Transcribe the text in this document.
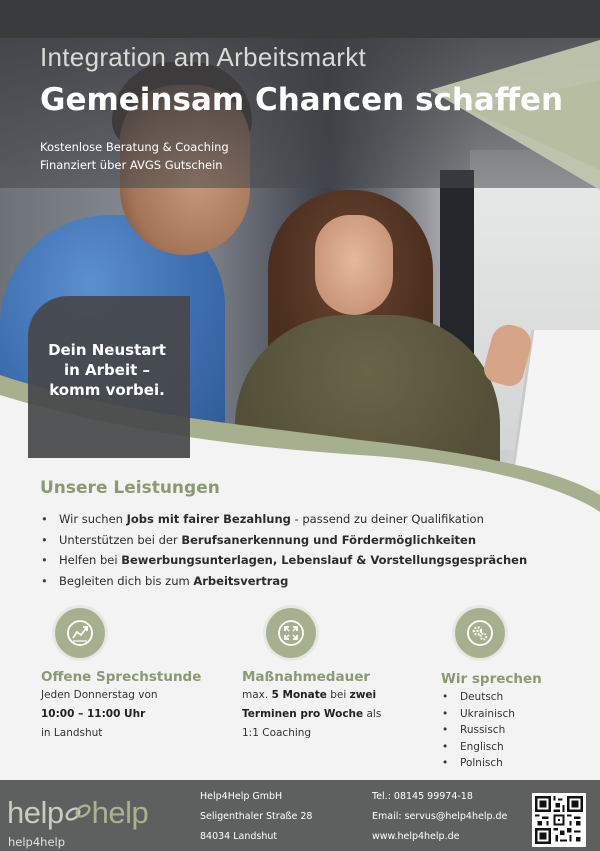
Integration am Arbeitsmarkt
Gemeinsam Chancen schaffen
Kostenlose Beratung & Coaching
Finanziert über AVGS Gutschein
Dein Neustart
in Arbeit –
komm vorbei.
Unsere Leistungen
• Wir suchen Jobs mit fairer Bezahlung - passend zu deiner Qualifikation
• Unterstützen bei der Berufsanerkennung und Fördermöglichkeiten
• Helfen bei Bewerbungsunterlagen, Lebenslauf & Vorstellungsgesprächen
• Begleiten dich bis zum Arbeitsvertrag
Offene Sprechstunde
Jeden Donnerstag von
10:00 – 11:00 Uhr
in Landshut
Maßnahmedauer
max. 5 Monate bei zwei
Terminen pro Woche als
1:1 Coaching
Wir sprechen
• Deutsch
• Ukrainisch
• Russisch
• Englisch
• Polnisch
help help
help4help
Help4Help GmbH
Seligenthaler Straße 28
84034 Landshut
Tel.: 08145 99974-18
Email: servus@help4help.de
www.help4help.de
